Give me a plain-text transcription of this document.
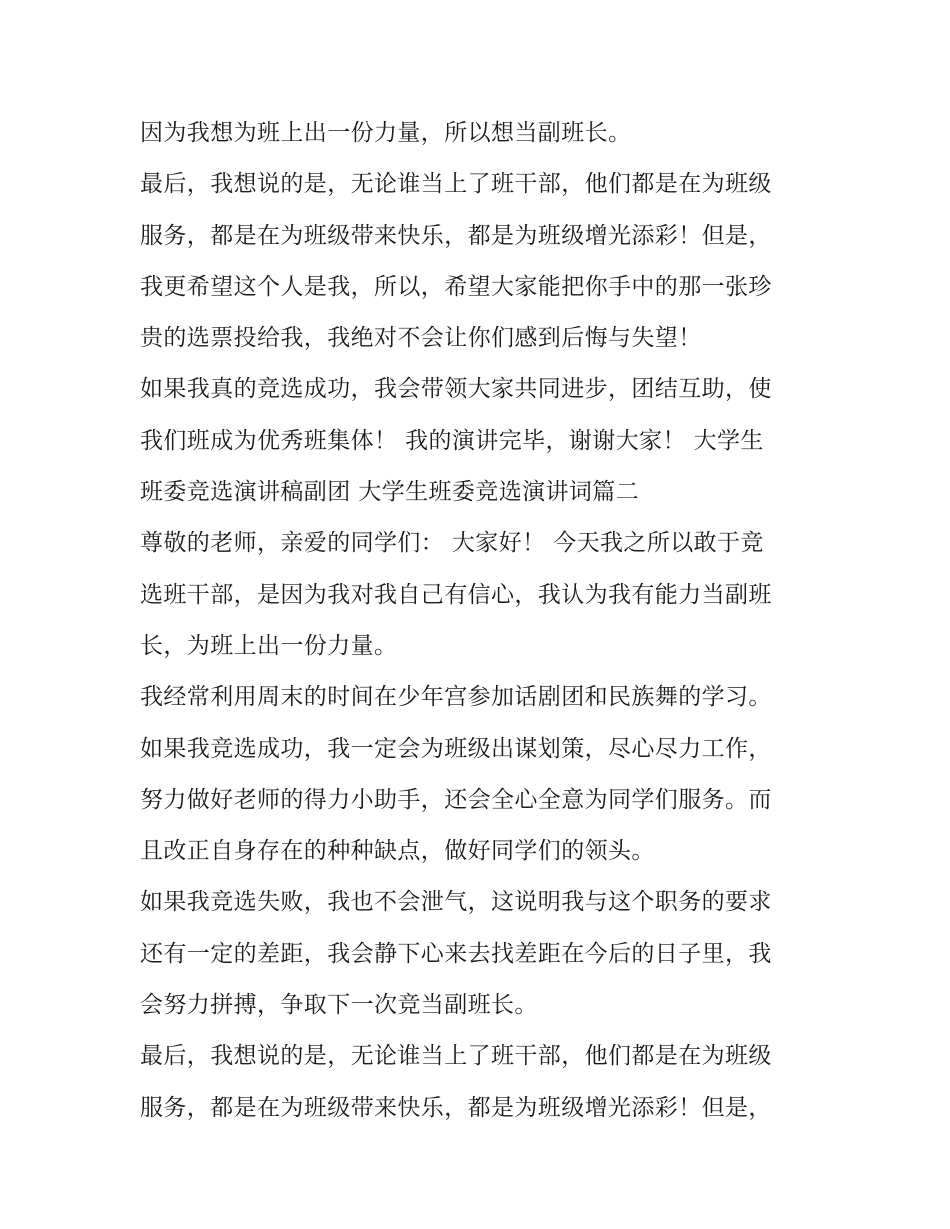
因为我想为班上出一份力量，所以想当副班长。

最后，我想说的是，无论谁当上了班干部，他们都是在为班级
服务，都是在为班级带来快乐，都是为班级增光添彩！但是，
我更希望这个人是我，所以，希望大家能把你手中的那一张珍
贵的选票投给我，我绝对不会让你们感到后悔与失望！

如果我真的竞选成功，我会带领大家共同进步，团结互助，使
我们班成为优秀班集体！ 我的演讲完毕，谢谢大家！ 大学生
班委竞选演讲稿副团 大学生班委竞选演讲词篇二

尊敬的老师，亲爱的同学们： 大家好！ 今天我之所以敢于竞
选班干部，是因为我对我自己有信心，我认为我有能力当副班
长，为班上出一份力量。

我经常利用周末的时间在少年宫参加话剧团和民族舞的学习。
如果我竞选成功，我一定会为班级出谋划策，尽心尽力工作，
努力做好老师的得力小助手，还会全心全意为同学们服务。而
且改正自身存在的种种缺点，做好同学们的领头。

如果我竞选失败，我也不会泄气，这说明我与这个职务的要求
还有一定的差距，我会静下心来去找差距在今后的日子里，我
会努力拼搏，争取下一次竞当副班长。

最后，我想说的是，无论谁当上了班干部，他们都是在为班级
服务，都是在为班级带来快乐，都是为班级增光添彩！但是，
